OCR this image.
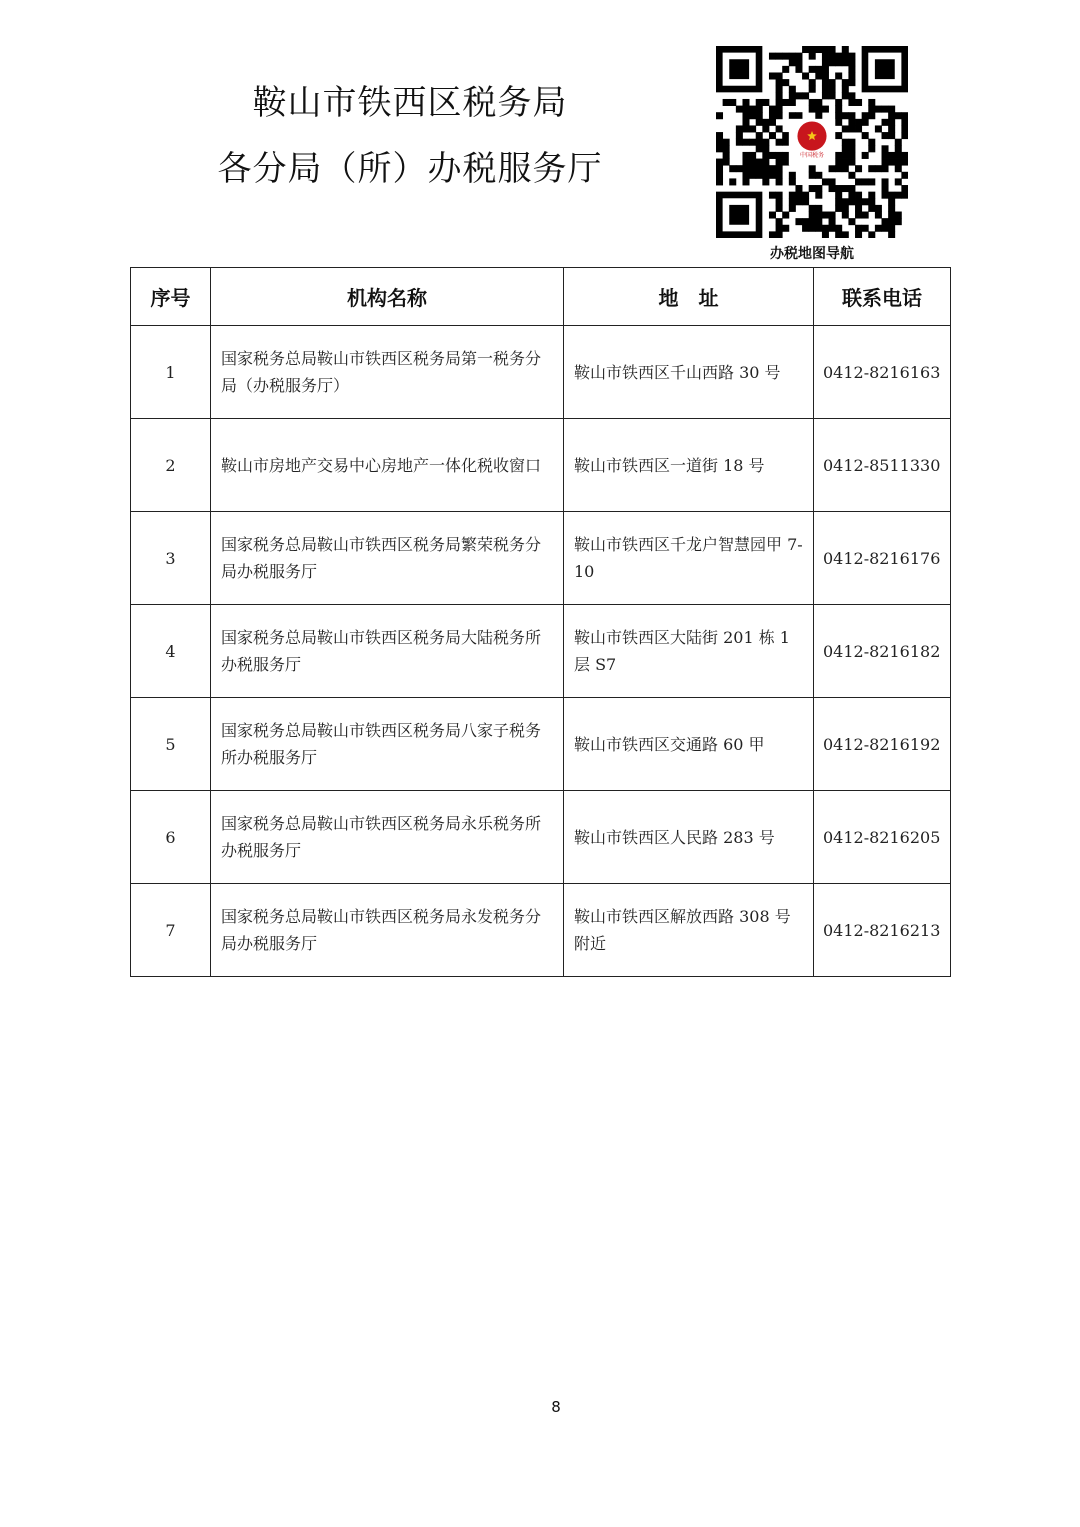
鞍山市铁西区税务局
各分局（所）办税服务厅	中国税务
办税地图导航
序号	机构名称	地　址	联系电话
1	国家税务总局鞍山市铁西区税务局第一税务分局（办税服务厅）	鞍山市铁西区千山西路 30 号	0412-8216163
2	鞍山市房地产交易中心房地产一体化税收窗口	鞍山市铁西区一道街 18 号	0412-8511330
3	国家税务总局鞍山市铁西区税务局繁荣税务分局办税服务厅	鞍山市铁西区千龙户智慧园甲 7-10	0412-8216176
4	国家税务总局鞍山市铁西区税务局大陆税务所办税服务厅	鞍山市铁西区大陆街 201 栋 1 层 S7	0412-8216182
5	国家税务总局鞍山市铁西区税务局八家子税务所办税服务厅	鞍山市铁西区交通路 60 甲	0412-8216192
6	国家税务总局鞍山市铁西区税务局永乐税务所办税服务厅	鞍山市铁西区人民路 283 号	0412-8216205
7	国家税务总局鞍山市铁西区税务局永发税务分局办税服务厅	鞍山市铁西区解放西路 308 号附近	0412-8216213
8
